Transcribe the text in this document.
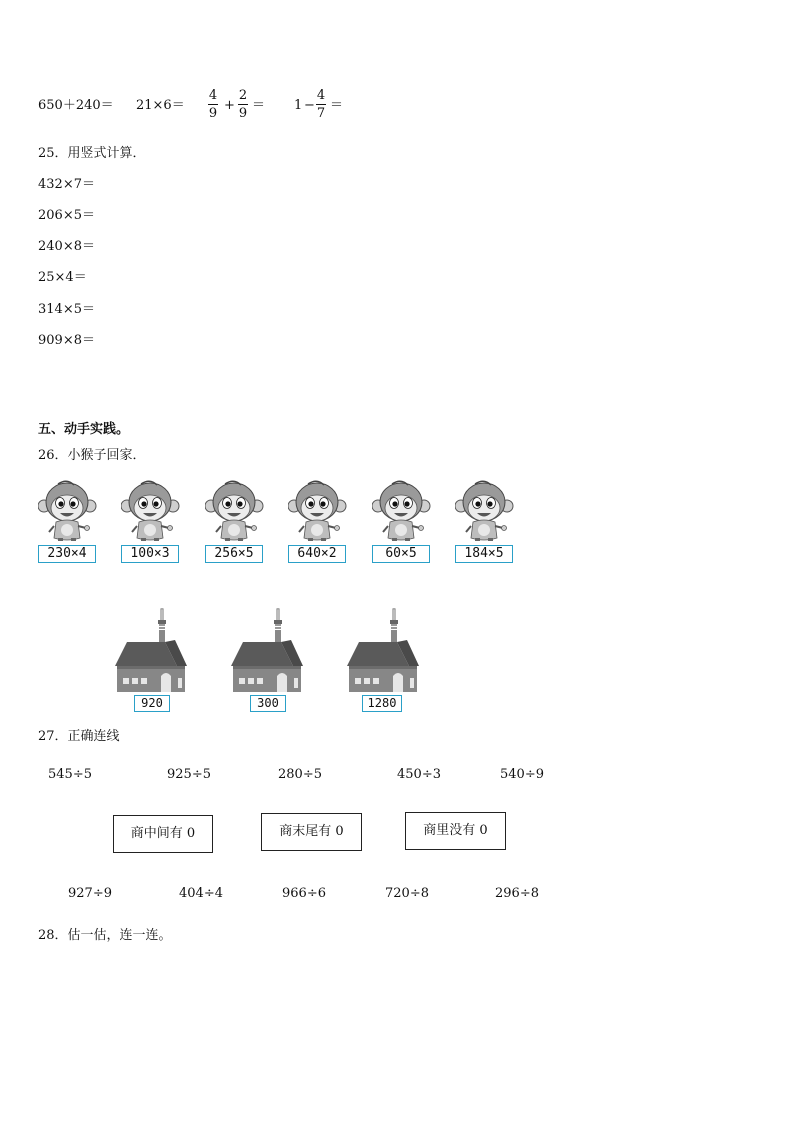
650＋240＝ 21×6＝
4
9
+
2
9
＝ 1 −
4
7
＝
25．用竖式计算．
432×7＝
206×5＝
240×8＝
25×4＝
314×5＝
909×8＝
五、动手实践。
26．小猴子回家．
230×4	100×3	256×5	640×2	60×5	184×5
920	300	1280
27．正确连线
545÷5	925÷5	280÷5	450÷3	540÷9
商中间有 0	商末尾有 0	商里没有 0
927÷9	404÷4	966÷6	720÷8	296÷8
28．估一估，连一连。
